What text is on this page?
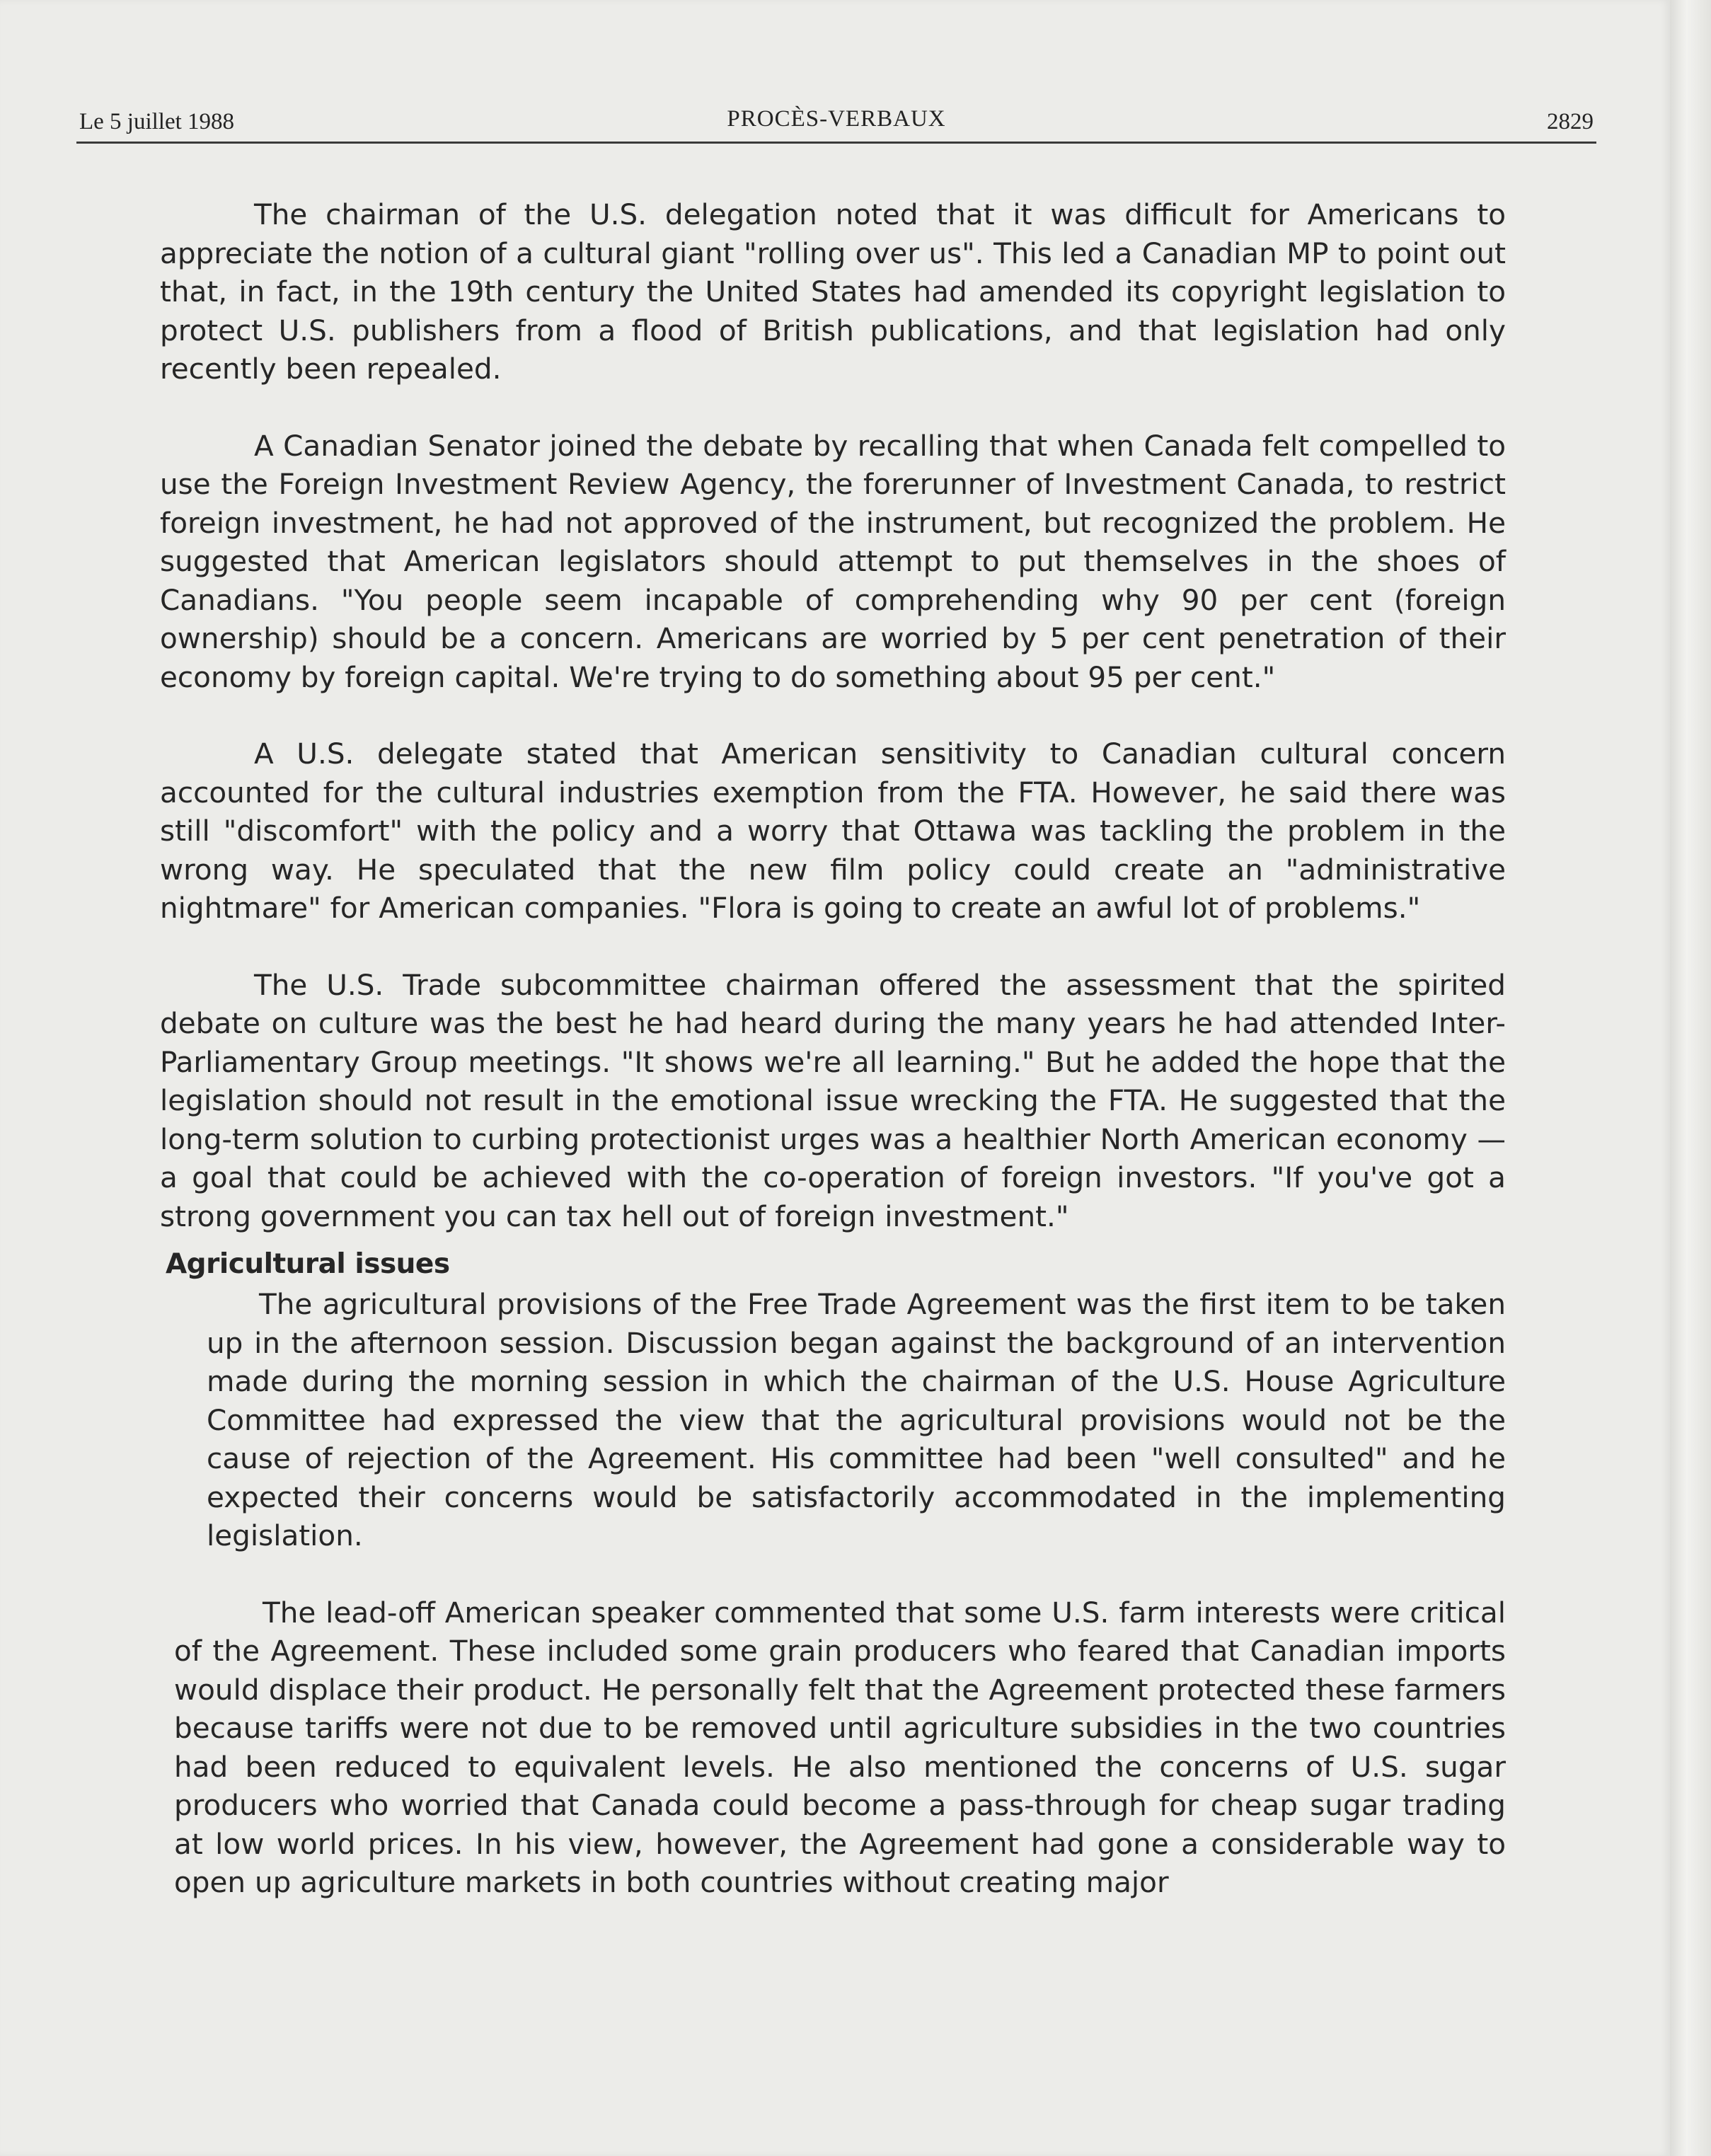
Le 5 juillet 1988	PROCÈS-VERBAUX	2829

The chairman of the U.S. delegation noted that it was difficult for Americans to appreciate the notion of a cultural giant "rolling over us". This led a Canadian MP to point out that, in fact, in the 19th century the United States had amended its copyright legislation to protect U.S. publishers from a flood of British publications, and that legislation had only recently been repealed.

A Canadian Senator joined the debate by recalling that when Canada felt compelled to use the Foreign Investment Review Agency, the forerunner of Investment Canada, to restrict foreign investment, he had not approved of the instrument, but recognized the problem. He suggested that American legislators should attempt to put themselves in the shoes of Canadians. "You people seem incapable of comprehending why 90 per cent (foreign ownership) should be a concern. Americans are worried by 5 per cent penetration of their economy by foreign capital. We're trying to do something about 95 per cent."

A U.S. delegate stated that American sensitivity to Canadian cultural concern accounted for the cultural industries exemption from the FTA. However, he said there was still "discomfort" with the policy and a worry that Ottawa was tackling the problem in the wrong way. He speculated that the new film policy could create an "administrative nightmare" for American companies. "Flora is going to create an awful lot of problems."

The U.S. Trade subcommittee chairman offered the assessment that the spirited debate on culture was the best he had heard during the many years he had attended Inter-Parliamentary Group meetings. "It shows we're all learning." But he added the hope that the legislation should not result in the emotional issue wrecking the FTA. He suggested that the long-term solution to curbing protectionist urges was a healthier North American economy — a goal that could be achieved with the co-operation of foreign investors. "If you've got a strong government you can tax hell out of foreign investment."

Agricultural issues

The agricultural provisions of the Free Trade Agreement was the first item to be taken up in the afternoon session. Discussion began against the background of an intervention made during the morning session in which the chairman of the U.S. House Agriculture Committee had expressed the view that the agricultural provisions would not be the cause of rejection of the Agreement. His committee had been "well consulted" and he expected their concerns would be satisfactorily accommodated in the implementing legislation.

The lead-off American speaker commented that some U.S. farm interests were critical of the Agreement. These included some grain producers who feared that Canadian imports would displace their product. He personally felt that the Agreement protected these farmers because tariffs were not due to be removed until agriculture subsidies in the two countries had been reduced to equivalent levels. He also mentioned the concerns of U.S. sugar producers who worried that Canada could become a pass-through for cheap sugar trading at low world prices. In his view, however, the Agreement had gone a considerable way to open up agriculture markets in both countries without creating major
